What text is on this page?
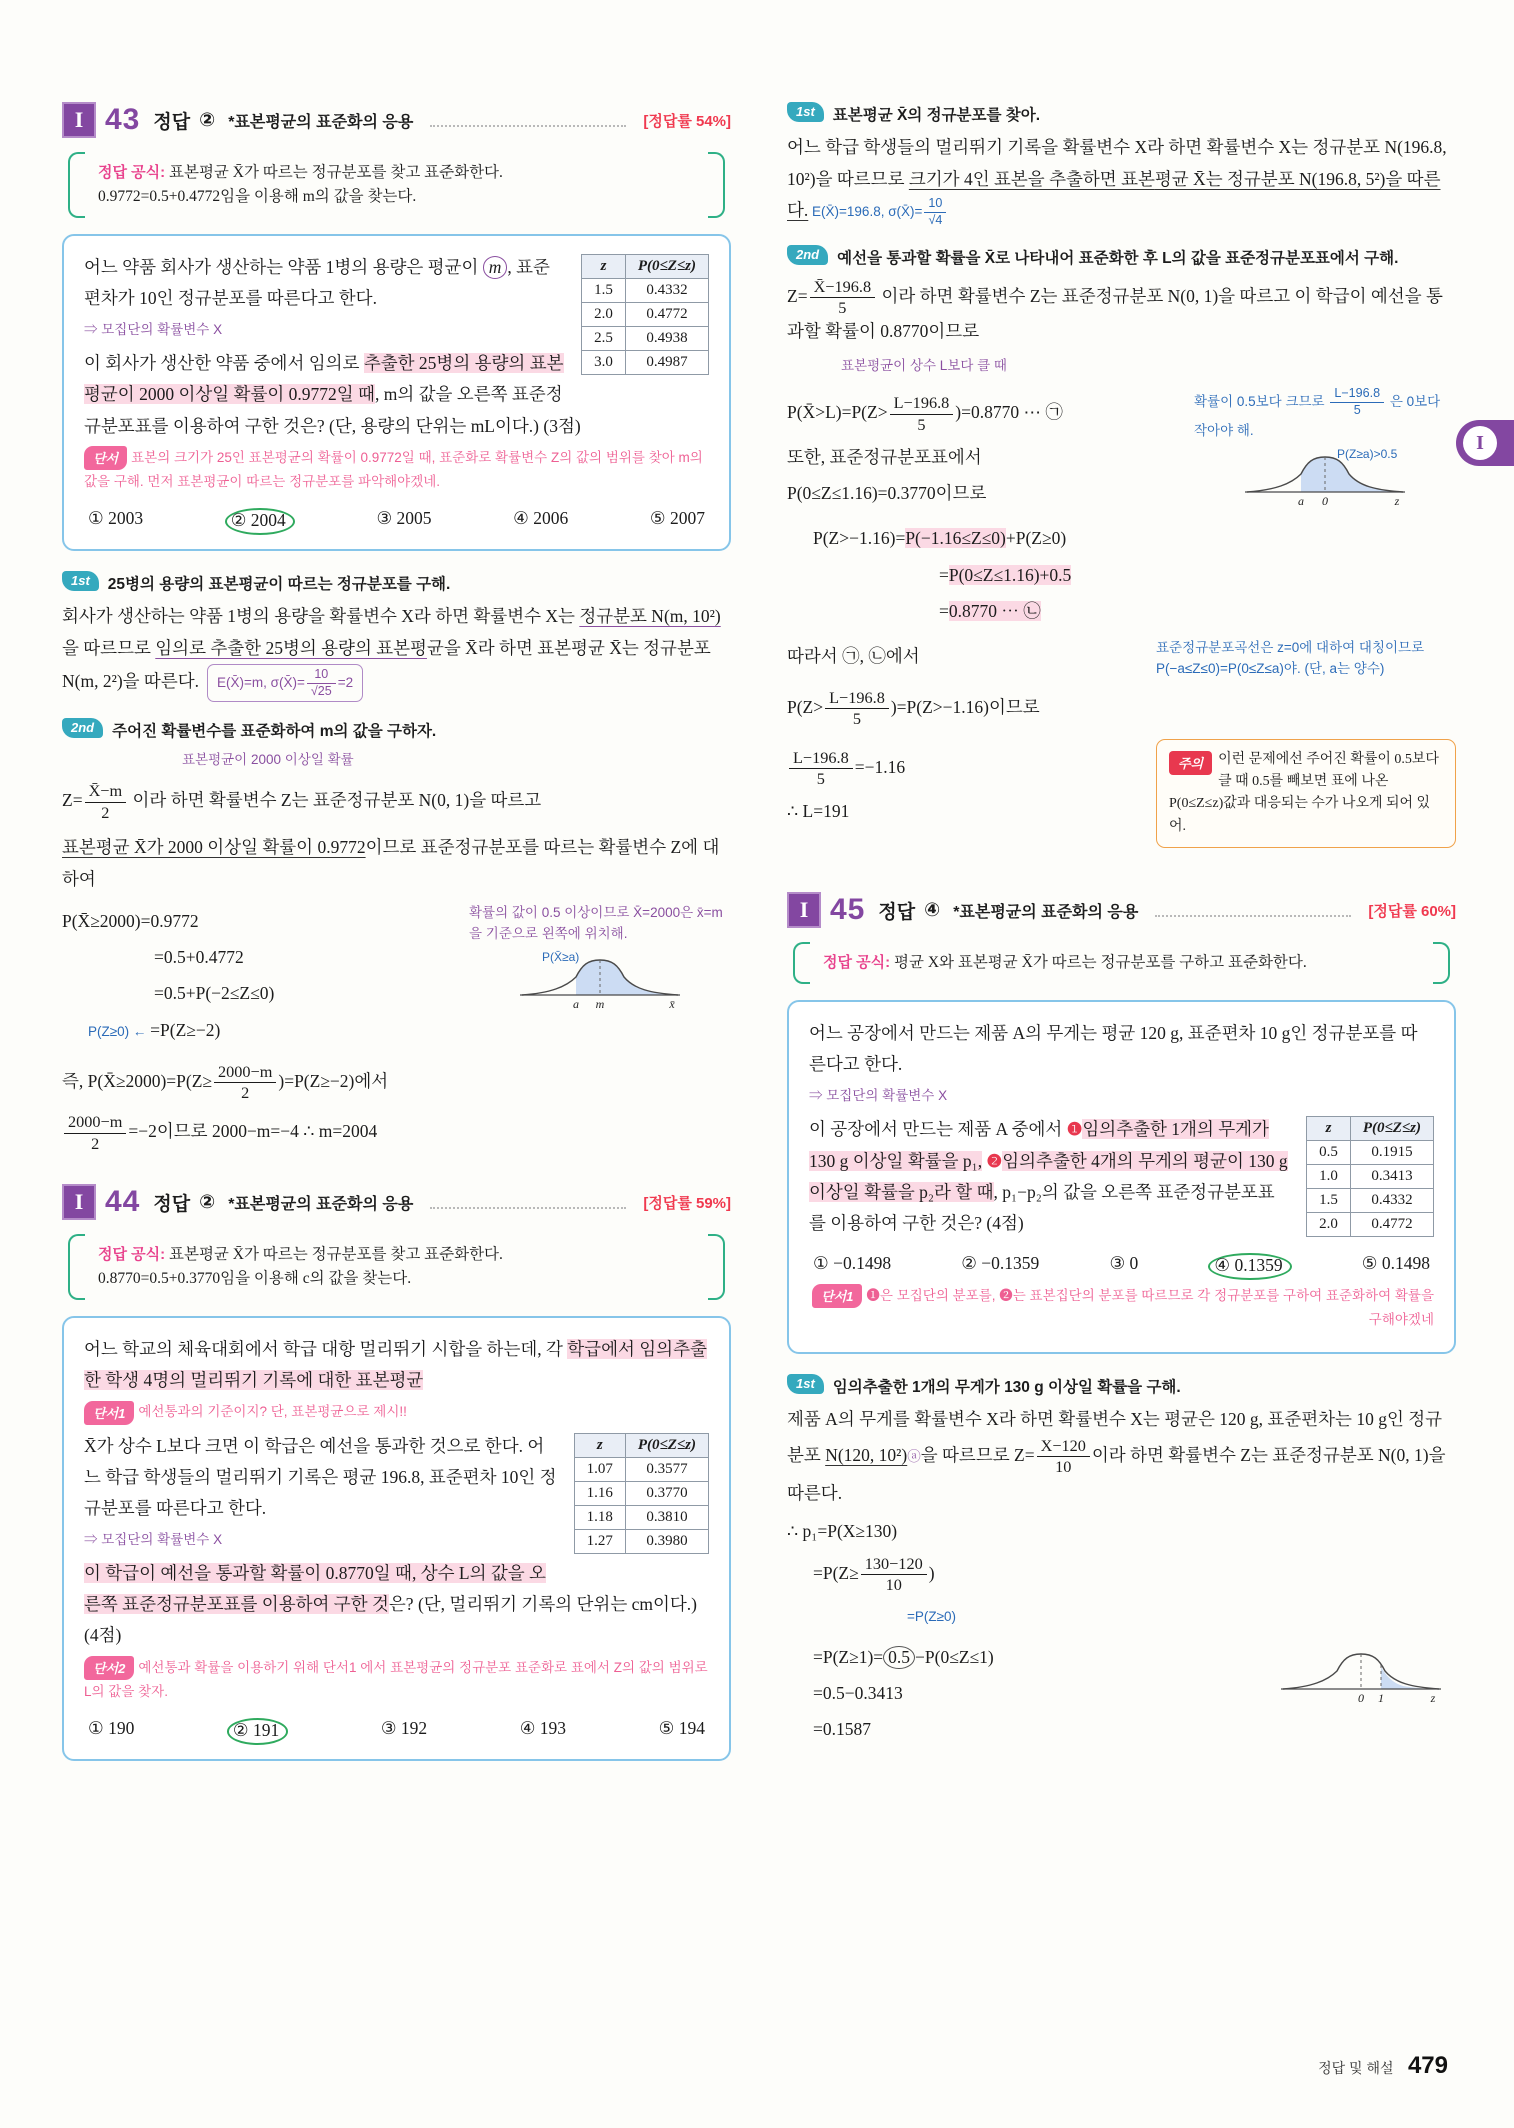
I 43 정답 ② *표본평균의 표준화의 응용	[정답률 54%]

정답 공식: 표본평균 X̄가 따르는 정규분포를 찾고 표준화한다.

0.9772=0.5+0.4772임을 이용해 m의 값을 찾는다.

z	P(0≤Z≤z)
1.5	0.4332
2.0	0.4772
2.5	0.4938
3.0	0.4987
어느 약품 회사가 생산하는 약품 1병의 용량은 평균이 m , 표준편차가 10인 정규분포를 따른다고 한다.
⇒ 모집단의 확률변수 X
이 회사가 생산한 약품 중에서 임의로 추출한 25병의 용량의 표본평균이 2000 이상일 확률이 0.9772일 때, m의 값을 오른쪽 표준정규분포표를 이용하여 구한 것은? (단, 용량의 단위는 mL이다.) (3점)
단서 표본의 크기가 25인 표본평균의 확률이 0.9772일 때, 표준화로 확률변수 Z의 값의 범위를 찾아 m의 값을 구해. 먼저 표본평균이 따르는 정규분포를 파악해야겠네.
① 2003	② 2004	③ 2005	④ 2006	⑤ 2007
1st	25병의 용량의 표본평균이 따르는 정규분포를 구해.

회사가 생산하는 약품 1병의 용량을 확률변수 X라 하면 확률변수 X는 정규분포 N(m, 10²)을 따르므로 임의로 추출한 25병의 용량의 표본평균을 X̄라 하면 표본평균 X̄는 정규분포 N(m, 2²)을 따른다. E(X̄)=m, σ(X̄)= $\frac{10}{√25} =2$

2nd	주어진 확률변수를 표준화하여 m의 값을 구하자.
표본평균이 2000 이상일 확률

$Z= \frac{X̄-m}{2}$ 이라 하면 확률변수 Z는 표준정규분포 N(0, 1)을 따르고

표본평균 X̄가 2000 이상일 확률이 0.9772이므로 표준정규분포를 따르는 확률변수 Z에 대하여

P(X̄≥2000)=0.9772

=0.5+0.4772

=0.5+P(−2≤Z≤0)

P(Z≥0) ← =P(Z≥−2)

확률의 값이 0.5 이상이므로 X̄=2000은 x̄=m을 기준으로 왼쪽에 위치해.
P(X̄≥a)
a m	x̄

즉, P(X̄≥2000)=P(Z≥ $\frac{2000-m}{2} )=P(Z\ge-2)$에서

$\frac{2000-m}{2} =-2$이므로 2000−m=−4 ∴ m=2004

I 44 정답 ② *표본평균의 표준화의 응용	[정답률 59%]

정답 공식: 표본평균 X̄가 따르는 정규분포를 찾고 표준화한다.

0.8770=0.5+0.3770임을 이용해 c의 값을 찾는다.

어느 학교의 체육대회에서 학급 대항 멀리뛰기 시합을 하는데, 각 학급에서 임의추출한 학생 4명의 멀리뛰기 기록에 대한 표본평균
단서1 예선통과의 기준이지? 단, 표본평균으로 제시!!
z	P(0≤Z≤z)
1.07	0.3577
1.16	0.3770
1.18	0.3810
1.27	0.3980
X̄가 상수 L보다 크면 이 학급은 예선을 통과한 것으로 한다. 어느 학급 학생들의 멀리뛰기 기록은 평균 196.8, 표준편차 10인 정규분포를 따른다고 한다.
⇒ 모집단의 확률변수 X
이 학급이 예선을 통과할 확률이 0.8770일 때, 상수 L의 값을 오른쪽 표준정규분포표를 이용하여 구한 것은? (단, 멀리뛰기 기록의 단위는 cm이다.) (4점)
단서2 예선통과 확률을 이용하기 위해 단서1 에서 표본평균의 정규분포 표준화로 표에서 Z의 값의 범위로 L의 값을 찾자.
① 190	② 191	③ 192	④ 193	⑤ 194
1st	표본평균 X̄의 정규분포를 찾아.

어느 학급 학생들의 멀리뛰기 기록을 확률변수 X라 하면 확률변수 X는 정규분포 N(196.8, 10²)을 따르므로 크기가 4인 표본을 추출하면 표본평균 X̄는 정규분포 N(196.8, 5²)을 따른다. E(X̄)=196.8, σ(X̄)= $\frac{10}{√4}$

2nd	예선을 통과할 확률을 X̄로 나타내어 표준화한 후 L의 값을 표준정규분포표에서 구해.

$Z= \frac{X̄-196.8}{5}$ 이라 하면 확률변수 Z는 표준정규분포 N(0, 1)을 따르고 이 학급이 예선을 통과할 확률이 0.8770이므로

표본평균이 상수 L보다 클 때

P(X̄>L)=P(Z> $\frac{L-196.8}{5} )=0.8770$ ⋯ ㉠

또한, 표준정규분포표에서

P(0≤Z≤1.16)=0.3770이므로

확률이 0.5보다 크므로 $\frac{L-196.8}{5}$ 은 0보다 작아야 해.
P(Z≥a)>0.5
a 0	z

P(Z>−1.16)=P(−1.16≤Z≤0)+P(Z≥0)

=P(0≤Z≤1.16)+0.5

=0.8770 ⋯ ㉡

따라서 ㉠, ㉡에서	표준정규분포곡선은 z=0에 대하여 대칭이므로 P(−a≤Z≤0)=P(0≤Z≤a)야. (단, a는 양수)

$P(Z> \frac{L-196.8}{5} )=P(Z>-1.16)$이므로

$\frac{L-196.8}{5} =-1.16$

∴ L=191

주의	이런 문제에선 주어진 확률이 0.5보다 클 때 0.5를 빼보면 표에 나온 P(0≤Z≤z)값과 대응되는 수가 나오게 되어 있어.
I 45 정답 ④ *표본평균의 표준화의 응용	[정답률 60%]

정답 공식: 평균 X와 표본평균 X̄가 따르는 정규분포를 구하고 표준화한다.

어느 공장에서 만드는 제품 A의 무게는 평균 120 g, 표준편차 10 g인 정규분포를 따른다고 한다.
⇒ 모집단의 확률변수 X
z	P(0≤Z≤z)
0.5	0.1915
1.0	0.3413
1.5	0.4332
2.0	0.4772
이 공장에서 만드는 제품 A 중에서 ❶임의추출한 1개의 무게가 130 g 이상일 확률을 p₁, ❷임의추출한 4개의 무게의 평균이 130 g 이상일 확률을 p₂라 할 때, p₁−p₂의 값을 오른쪽 표준정규분포표를 이용하여 구한 것은? (4점)
① −0.1498	② −0.1359	③ 0	④ 0.1359	⑤ 0.1498
단서1 ❶은 모집단의 분포를, ❷는 표본집단의 분포를 따르므로 각 정규분포를 구하여 표준화하여 확률을 구해야겠네
1st	임의추출한 1개의 무게가 130 g 이상일 확률을 구해.

제품 A의 무게를 확률변수 X라 하면 확률변수 X는 평균은 120 g, 표준편차는 10 g인 정규분포 N(120, 10²)ⓐ을 따르므로 $Z= \frac{X-120}{10}$ 이라 하면 확률변수 Z는 표준정규분포 N(0, 1)을 따른다.

∴ p₁=P(X≥130)

$=P(Z\ge \frac{130-120}{10}$ )

=P(Z≥0)

=P(Z≥1)= 0.5 −P(0≤Z≤1)

=0.5−0.3413

=0.1587

0 1	z
I
정답 및 해설 479
